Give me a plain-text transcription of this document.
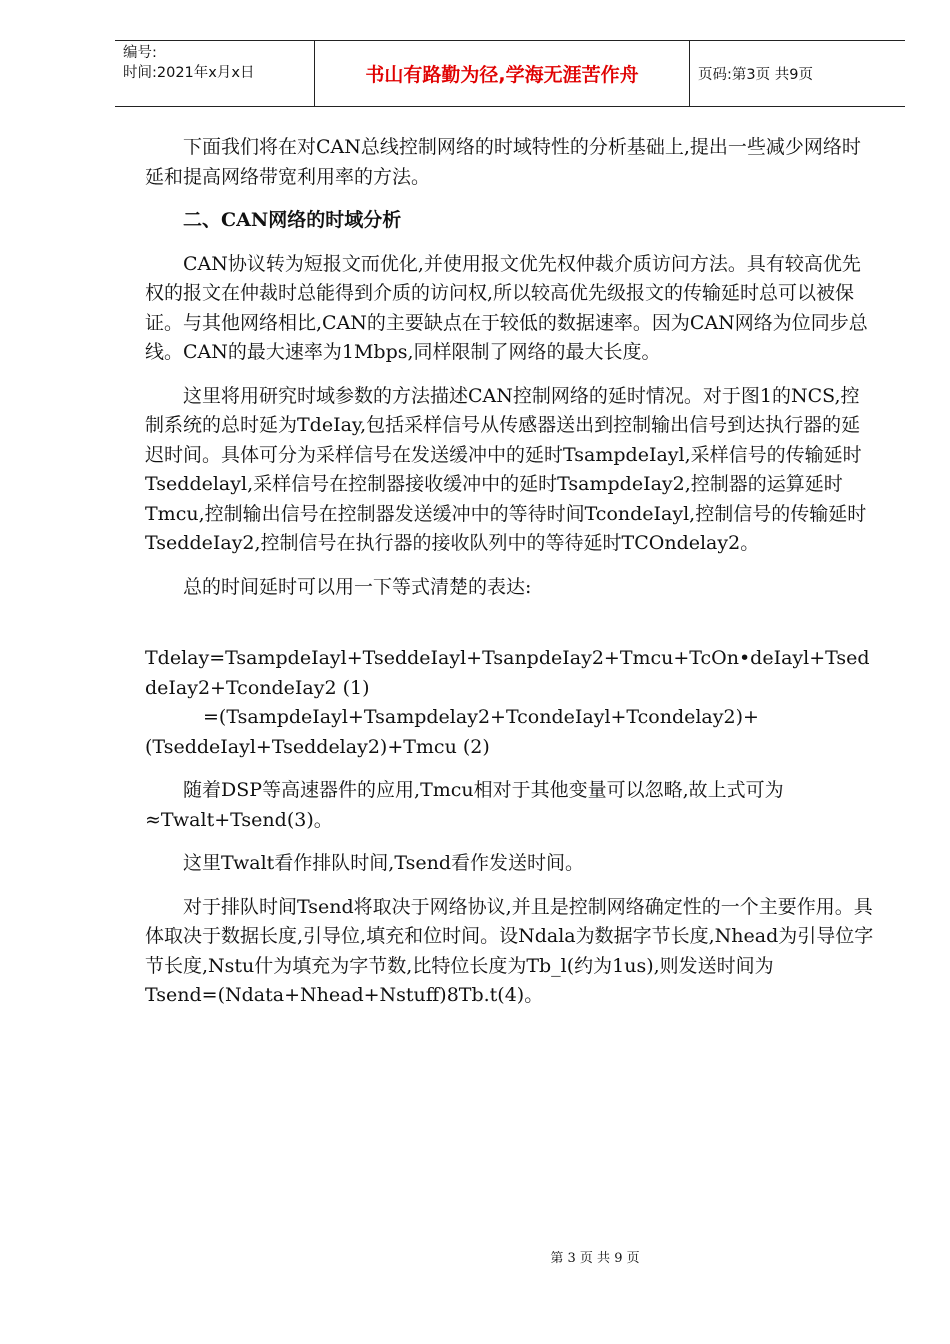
编号:
时间:2021年x月x日	书山有路勤为径,学海无涯苦作舟	页码:第3页 共9页

下面我们将在对CAN总线控制网络的时域特性的分析基础上,提出一些减少网络时延和提高网络带宽利用率的方法。

二、CAN网络的时域分析

CAN协议转为短报文而优化,并使用报文优先权仲裁介质访问方法。具有较高优先权的报文在仲裁时总能得到介质的访问权,所以较高优先级报文的传输延时总可以被保证。与其他网络相比,CAN的主要缺点在于较低的数据速率。因为CAN网络为位同步总线。CAN的最大速率为1Mbps,同样限制了网络的最大长度。

这里将用研究时域参数的方法描述CAN控制网络的延时情况。对于图1的NCS,控制系统的总时延为TdeIay,包括采样信号从传感器送出到控制输出信号到达执行器的延迟时间。具体可分为采样信号在发送缓冲中的延时TsampdeIayl,采样信号的传输延时Tseddelayl,采样信号在控制器接收缓冲中的延时TsampdeIay2,控制器的运算延时Tmcu,控制输出信号在控制器发送缓冲中的等待时间TcondeIayl,控制信号的传输延时TseddeIay2,控制信号在执行器的接收队列中的等待延时TCOndelay2。

总的时间延时可以用一下等式清楚的表达:

Tdelay=TsampdeIayl+TseddeIayl+TsanpdeIay2+Tmcu+TcOn•deIayl+TseddeIay2+TcondeIay2 (1)

=(TsampdeIayl+Tsampdelay2+TcondeIayl+Tcondelay2)+

(TseddeIayl+Tseddelay2)+Tmcu (2)

随着DSP等高速器件的应用,Tmcu相对于其他变量可以忽略,故上式可为≈Twalt+Tsend(3)。

这里Twalt看作排队时间,Tsend看作发送时间。

对于排队时间Tsend将取决于网络协议,并且是控制网络确定性的一个主要作用。具体取决于数据长度,引导位,填充和位时间。设Ndala为数据字节长度,Nhead为引导位字节长度,Nstu什为填充为字节数,比特位长度为Tb_l(约为1us),则发送时间为

Tsend=(Ndata+Nhead+Nstuff)8Tb.t(4)。

第 3 页 共 9 页
